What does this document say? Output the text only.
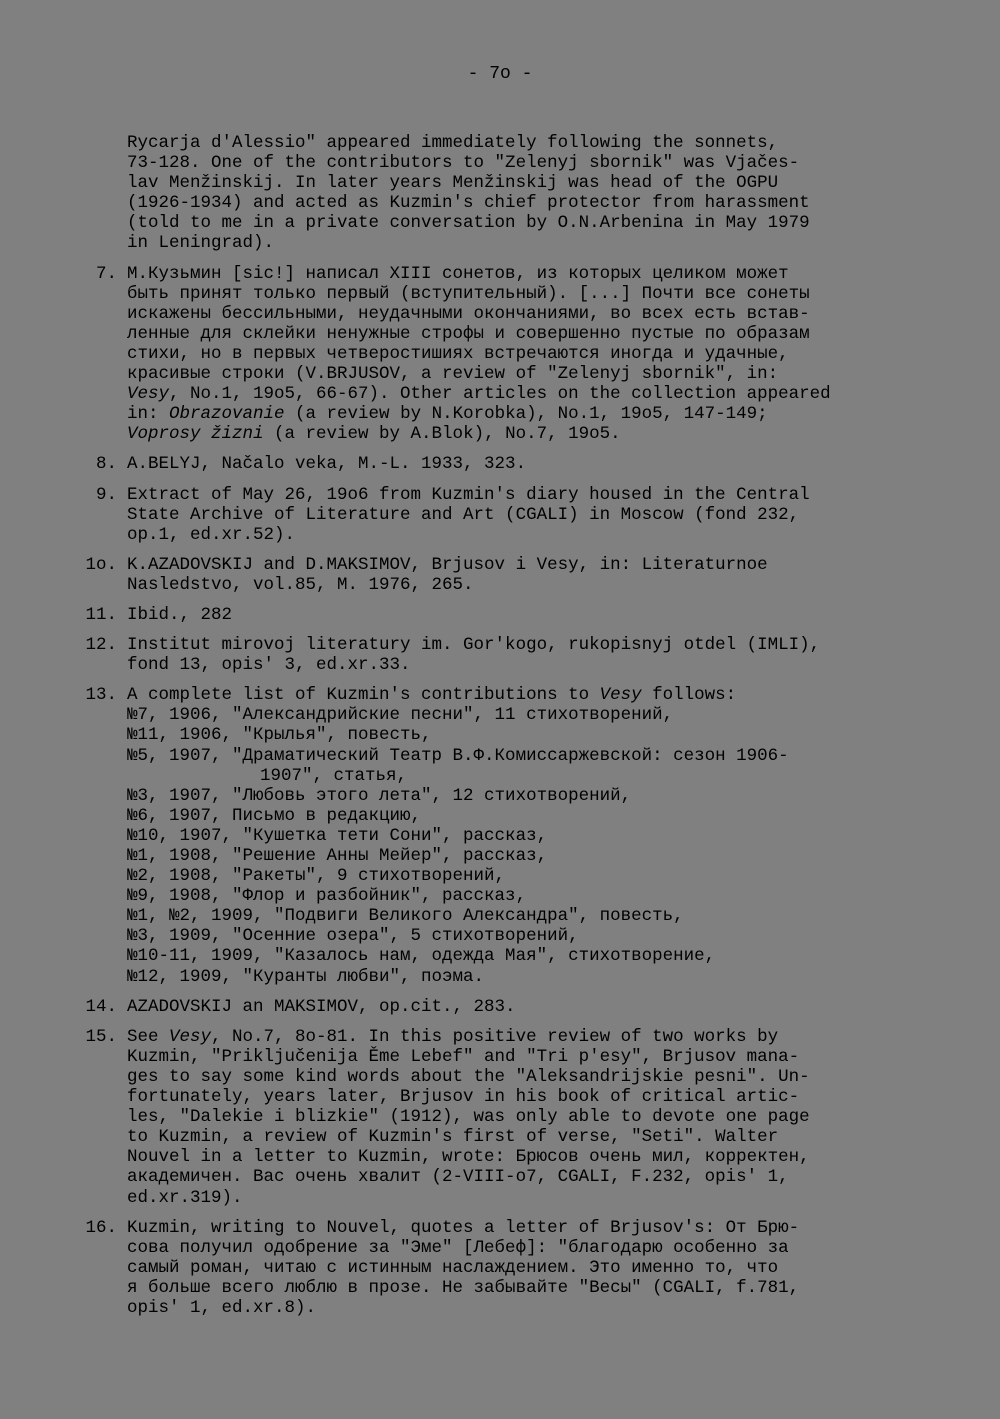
- 7o -
Rycarja d'Alessio" appeared immediately following the sonnets,
73-128. One of the contributors to "Zelenyj sbornik" was Vjačes-
lav Menžinskij. In later years Menžinskij was head of the OGPU
(1926-1934) and acted as Kuzmin's chief protector from harassment
(told to me in a private conversation by O.N.Arbenina in May 1979
in Leningrad).
7. М.Кузьмин [sic!] написал XIII сонетов, из которых целиком может
быть принят только первый (вступительный). [...] Почти все сонеты
искажены бессильными, неудачными окончаниями, во всех есть встав-
ленные для склейки ненужные строфы и совершенно пустые по образам
стихи, но в первых четверостишиях встречаются иногда и удачные,
красивые строки (V.BRJUSOV, a review of "Zelenyj sbornik", in:
Vesy, No.1, 19o5, 66-67). Other articles on the collection appeared
in: Obrazovanie (a review by N.Korobka), No.1, 19o5, 147-149;
Voprosy žizni (a review by A.Blok), No.7, 19o5.
8. A.BELYJ, Načalo veka, M.-L. 1933, 323.
9. Extract of May 26, 19o6 from Kuzmin's diary housed in the Central
State Archive of Literature and Art (CGALI) in Moscow (fond 232,
op.1, ed.xr.52).
1o. K.AZADOVSKIJ and D.MAKSIMOV, Brjusov i Vesy, in: Literaturnoe
Nasledstvo, vol.85, M. 1976, 265.
11. Ibid., 282
12. Institut mirovoj literatury im. Gor'kogo, rukopisnyj otdel (IMLI),
fond 13, opis' 3, ed.xr.33.
13. A complete list of Kuzmin's contributions to Vesy follows:
№7, 1906, "Александрийские песни", 11 стихотворений,
№11, 1906, "Крылья", повесть,
№5, 1907, "Драматический Театр В.Ф.Комиссаржевской: сезон 1906-
1907", статья,
№3, 1907, "Любовь этого лета", 12 стихотворений,
№6, 1907, Письмо в редакцию,
№10, 1907, "Кушетка тети Сони", рассказ,
№1, 1908, "Решение Анны Мейер", рассказ,
№2, 1908, "Ракеты", 9 стихотворений,
№9, 1908, "Флор и разбойник", рассказ,
№1, №2, 1909, "Подвиги Великого Александра", повесть,
№3, 1909, "Осенние озера", 5 стихотворений,
№10-11, 1909, "Казалось нам, одежда Мая", стихотворение,
№12, 1909, "Куранты любви", поэма.
14. AZADOVSKIJ an MAKSIMOV, op.cit., 283.
15. See Vesy, No.7, 8o-81. In this positive review of two works by
Kuzmin, "Priključenija Ěme Lebef" and "Tri p'esy", Brjusov mana-
ges to say some kind words about the "Aleksandrijskie pesni". Un-
fortunately, years later, Brjusov in his book of critical artic-
les, "Dalekie i blizkie" (1912), was only able to devote one page
to Kuzmin, a review of Kuzmin's first of verse, "Seti". Walter
Nouvel in a letter to Kuzmin, wrote: Брюсов очень мил, корректен,
академичен. Вас очень хвалит (2-VIII-o7, CGALI, F.232, opis' 1,
ed.xr.319).
16. Kuzmin, writing to Nouvel, quotes a letter of Brjusov's: От Брю-
сова получил одобрение за "Эме" [Лебеф]: "благодарю особенно за
самый роман, читаю с истинным наслаждением. Это именно то, что
я больше всего люблю в прозе. Не забывайте "Весы" (CGALI, f.781,
opis' 1, ed.xr.8).
